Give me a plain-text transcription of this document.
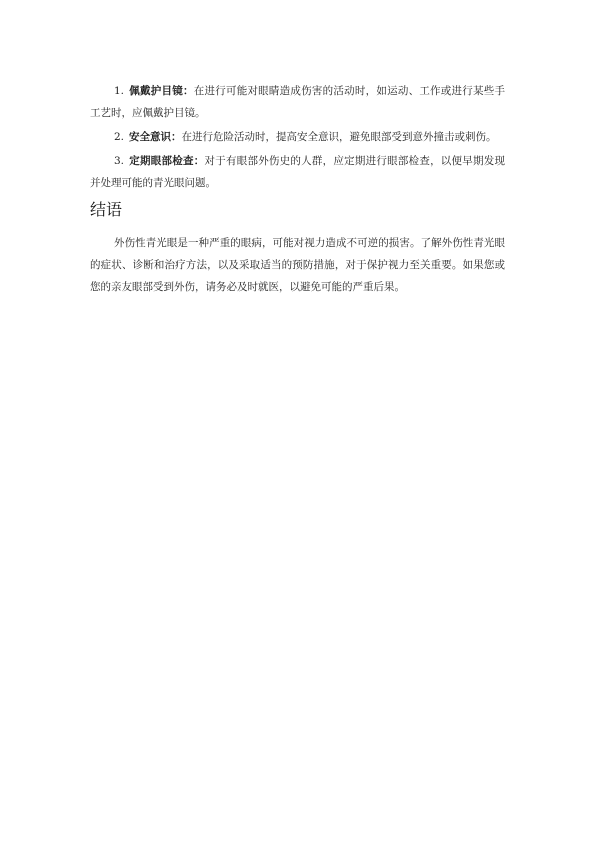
1. 佩戴护目镜：在进行可能对眼睛造成伤害的活动时，如运动、工作或进行某些手工艺时，应佩戴护目镜。

2. 安全意识：在进行危险活动时，提高安全意识，避免眼部受到意外撞击或刺伤。

3. 定期眼部检查：对于有眼部外伤史的人群，应定期进行眼部检查，以便早期发现并处理可能的青光眼问题。

结语

外伤性青光眼是一种严重的眼病，可能对视力造成不可逆的损害。了解外伤性青光眼的症状、诊断和治疗方法，以及采取适当的预防措施，对于保护视力至关重要。如果您或您的亲友眼部受到外伤，请务必及时就医，以避免可能的严重后果。
